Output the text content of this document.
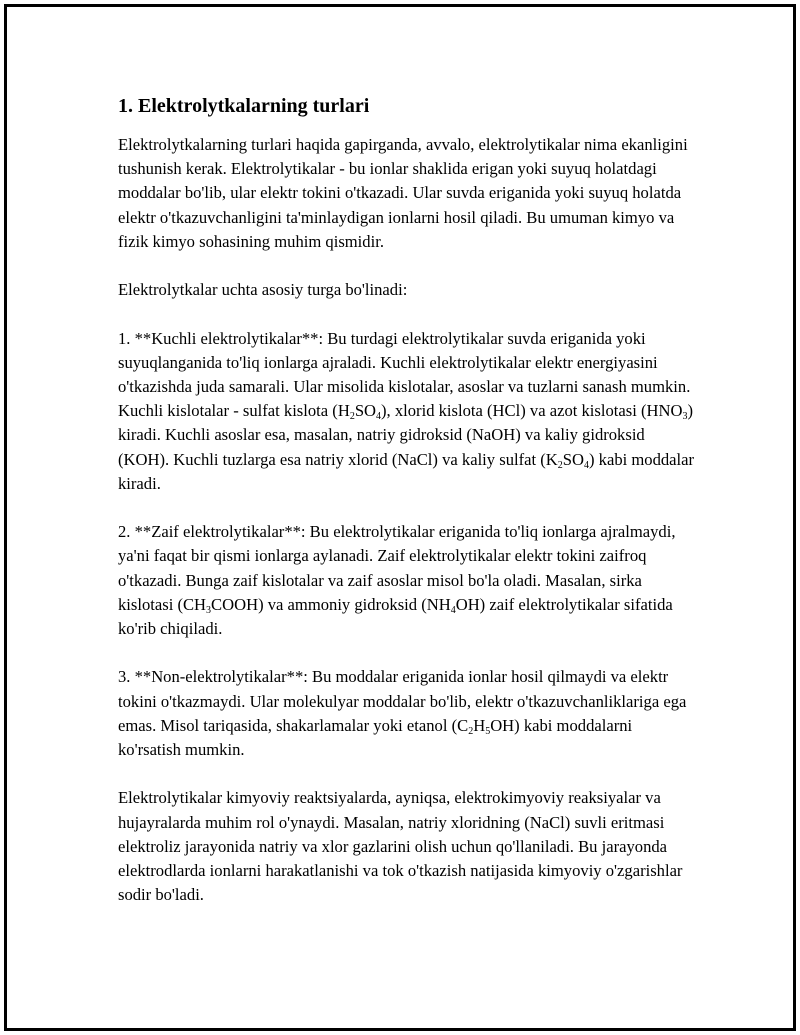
1. Elektrolytkalarning turlari

Elektrolytkalarning turlari haqida gapirganda, avvalo, elektrolytikalar nima ekanligini tushunish kerak. Elektrolytikalar - bu ionlar shaklida erigan yoki suyuq holatdagi moddalar bo'lib, ular elektr tokini o'tkazadi. Ular suvda eriganida yoki suyuq holatda elektr o'tkazuvchanligini ta'minlaydigan ionlarni hosil qiladi. Bu umuman kimyo va fizik kimyo sohasining muhim qismidir.

Elektrolytkalar uchta asosiy turga bo'linadi:

1. **Kuchli elektrolytikalar**: Bu turdagi elektrolytikalar suvda eriganida yoki suyuqlanganida to'liq ionlarga ajraladi. Kuchli elektrolytikalar elektr energiyasini o'tkazishda juda samarali. Ular misolida kislotalar, asoslar va tuzlarni sanash mumkin. Kuchli kislotalar - sulfat kislota $(H_2SO_4)$, xlorid kislota (HCl) va azot kislotasi $(HNO_3)$ kiradi. Kuchli asoslar esa, masalan, natriy gidroksid (NaOH) va kaliy gidroksid (KOH). Kuchli tuzlarga esa natriy xlorid (NaCl) va kaliy sulfat $(K_2SO_4)$ kabi moddalar kiradi.

2. **Zaif elektrolytikalar**: Bu elektrolytikalar eriganida to'liq ionlarga ajralmaydi, ya'ni faqat bir qismi ionlarga aylanadi. Zaif elektrolytikalar elektr tokini zaifroq o'tkazadi. Bunga zaif kislotalar va zaif asoslar misol bo'la oladi. Masalan, sirka kislotasi $(CH_3COOH)$ va ammoniy gidroksid $(NH_4OH)$ zaif elektrolytikalar sifatida ko'rib chiqiladi.

3. **Non-elektrolytikalar**: Bu moddalar eriganida ionlar hosil qilmaydi va elektr tokini o'tkazmaydi. Ular molekulyar moddalar bo'lib, elektr o'tkazuvchanliklariga ega emas. Misol tariqasida, shakarlamalar yoki etanol $(C_2H_5OH)$ kabi moddalarni ko'rsatish mumkin.

Elektrolytikalar kimyoviy reaktsiyalarda, ayniqsa, elektrokimyoviy reaksiyalar va hujayralarda muhim rol o'ynaydi. Masalan, natriy xloridning (NaCl) suvli eritmasi elektroliz jarayonida natriy va xlor gazlarini olish uchun qo'llaniladi. Bu jarayonda elektrodlarda ionlarni harakatlanishi va tok o'tkazish natijasida kimyoviy o'zgarishlar sodir bo'ladi.
